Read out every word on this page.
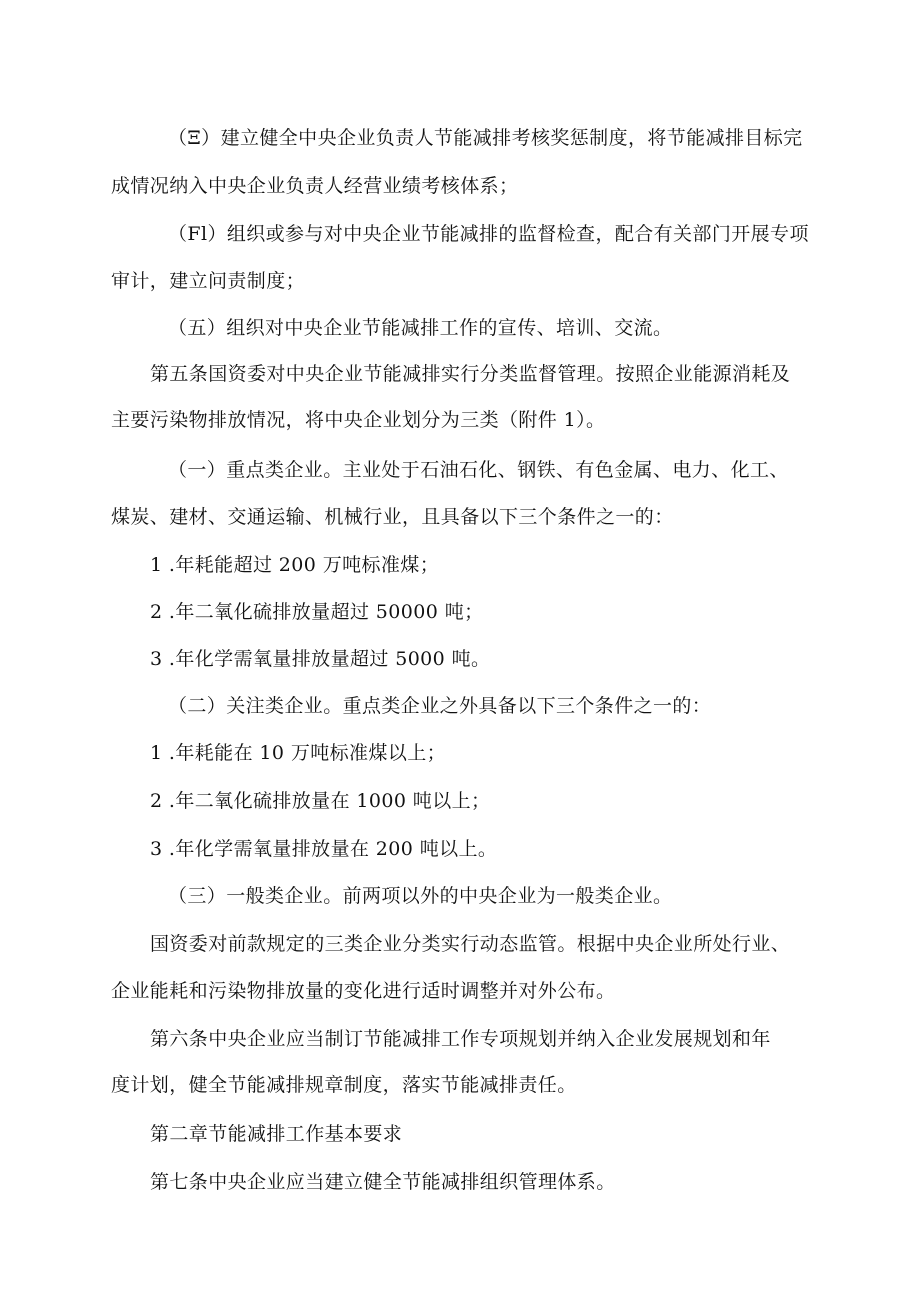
（Ξ）建立健全中央企业负责人节能减排考核奖惩制度，将节能减排目标完
成情况纳入中央企业负责人经营业绩考核体系；
（Fl）组织或参与对中央企业节能减排的监督检查，配合有关部门开展专项
审计，建立问责制度；
（五）组织对中央企业节能减排工作的宣传、培训、交流。
第五条国资委对中央企业节能减排实行分类监督管理。按照企业能源消耗及
主要污染物排放情况，将中央企业划分为三类（附件 1）。
（一）重点类企业。主业处于石油石化、钢铁、有色金属、电力、化工、
煤炭、建材、交通运输、机械行业，且具备以下三个条件之一的：
1 .年耗能超过 200 万吨标准煤；
2 .年二氧化硫排放量超过 50000 吨；
3 .年化学需氧量排放量超过 5000 吨。
（二）关注类企业。重点类企业之外具备以下三个条件之一的：
1 .年耗能在 10 万吨标准煤以上；
2 .年二氧化硫排放量在 1000 吨以上；
3 .年化学需氧量排放量在 200 吨以上。
（三）一般类企业。前两项以外的中央企业为一般类企业。
国资委对前款规定的三类企业分类实行动态监管。根据中央企业所处行业、
企业能耗和污染物排放量的变化进行适时调整并对外公布。
第六条中央企业应当制订节能减排工作专项规划并纳入企业发展规划和年
度计划，健全节能减排规章制度，落实节能减排责任。
第二章节能减排工作基本要求
第七条中央企业应当建立健全节能减排组织管理体系。
